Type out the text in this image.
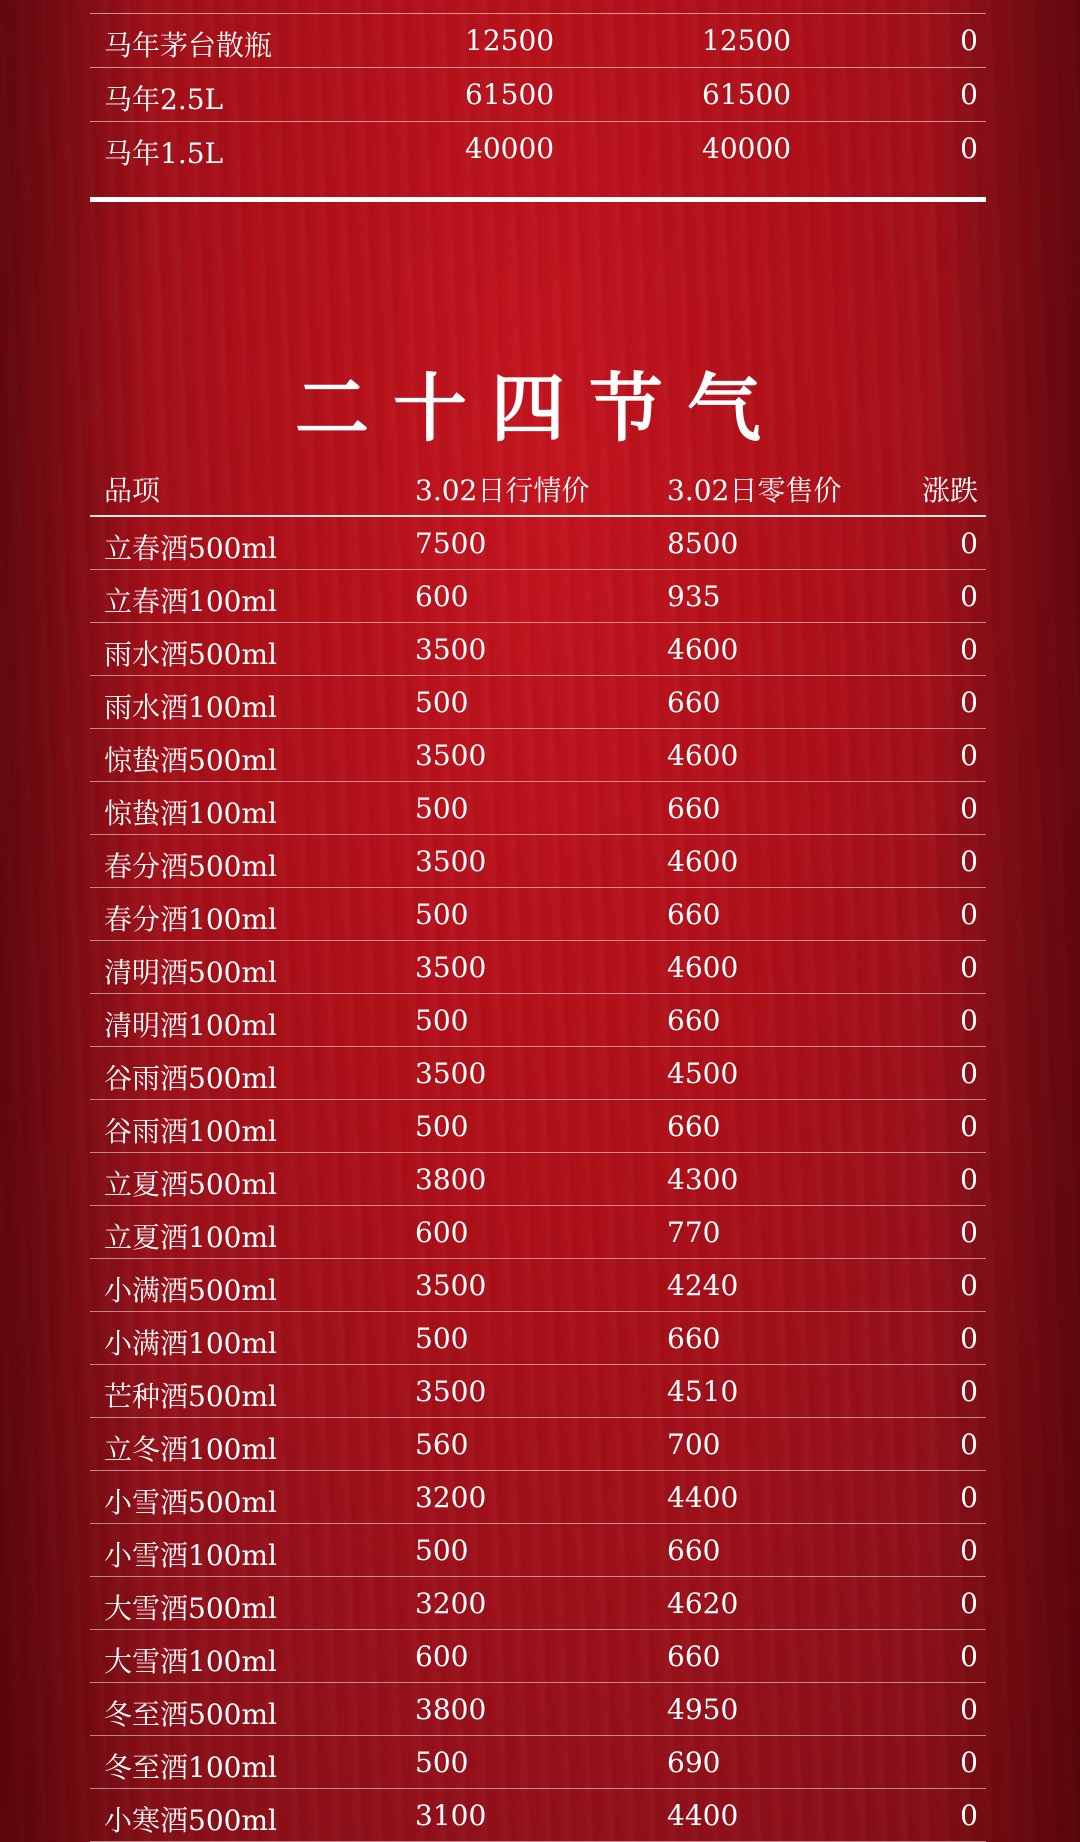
马年茅台散瓶	12500	12500	0
马年2.5L	61500	61500	0
马年1.5L	40000	40000	0
二十四节气
品项	3.02日行情价	3.02日零售价	涨跌
立春酒500ml	7500	8500	0
立春酒100ml	600	935	0
雨水酒500ml	3500	4600	0
雨水酒100ml	500	660	0
惊蛰酒500ml	3500	4600	0
惊蛰酒100ml	500	660	0
春分酒500ml	3500	4600	0
春分酒100ml	500	660	0
清明酒500ml	3500	4600	0
清明酒100ml	500	660	0
谷雨酒500ml	3500	4500	0
谷雨酒100ml	500	660	0
立夏酒500ml	3800	4300	0
立夏酒100ml	600	770	0
小满酒500ml	3500	4240	0
小满酒100ml	500	660	0
芒种酒500ml	3500	4510	0
立冬酒100ml	560	700	0
小雪酒500ml	3200	4400	0
小雪酒100ml	500	660	0
大雪酒500ml	3200	4620	0
大雪酒100ml	600	660	0
冬至酒500ml	3800	4950	0
冬至酒100ml	500	690	0
小寒酒500ml	3100	4400	0
